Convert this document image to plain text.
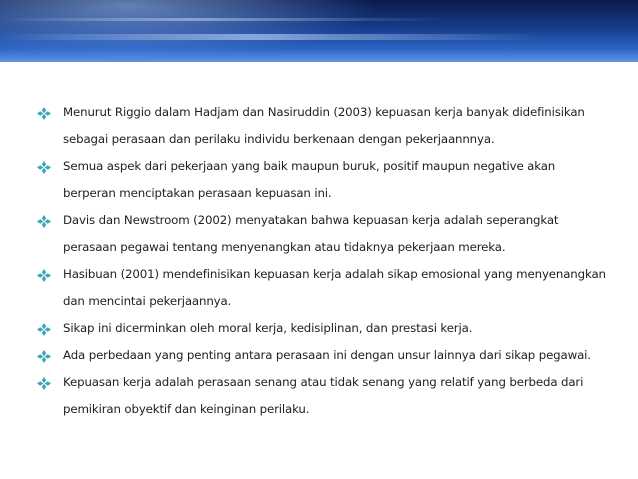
Menurut Riggio dalam Hadjam dan Nasiruddin (2003) kepuasan kerja banyak didefinisikan sebagai perasaan dan perilaku individu berkenaan dengan pekerjaannnya.
Semua aspek dari pekerjaan yang baik maupun buruk, positif maupun negative akan berperan menciptakan perasaan kepuasan ini.
Davis dan Newstroom (2002) menyatakan bahwa kepuasan kerja adalah seperangkat perasaan pegawai tentang menyenangkan atau tidaknya pekerjaan mereka.
Hasibuan (2001) mendefinisikan kepuasan kerja adalah sikap emosional yang menyenangkan dan mencintai pekerjaannya.
Sikap ini dicerminkan oleh moral kerja, kedisiplinan, dan prestasi kerja.
Ada perbedaan yang penting antara perasaan ini dengan unsur lainnya dari sikap pegawai.
Kepuasan kerja adalah perasaan senang atau tidak senang yang relatif yang berbeda dari pemikiran obyektif dan keinginan perilaku.
